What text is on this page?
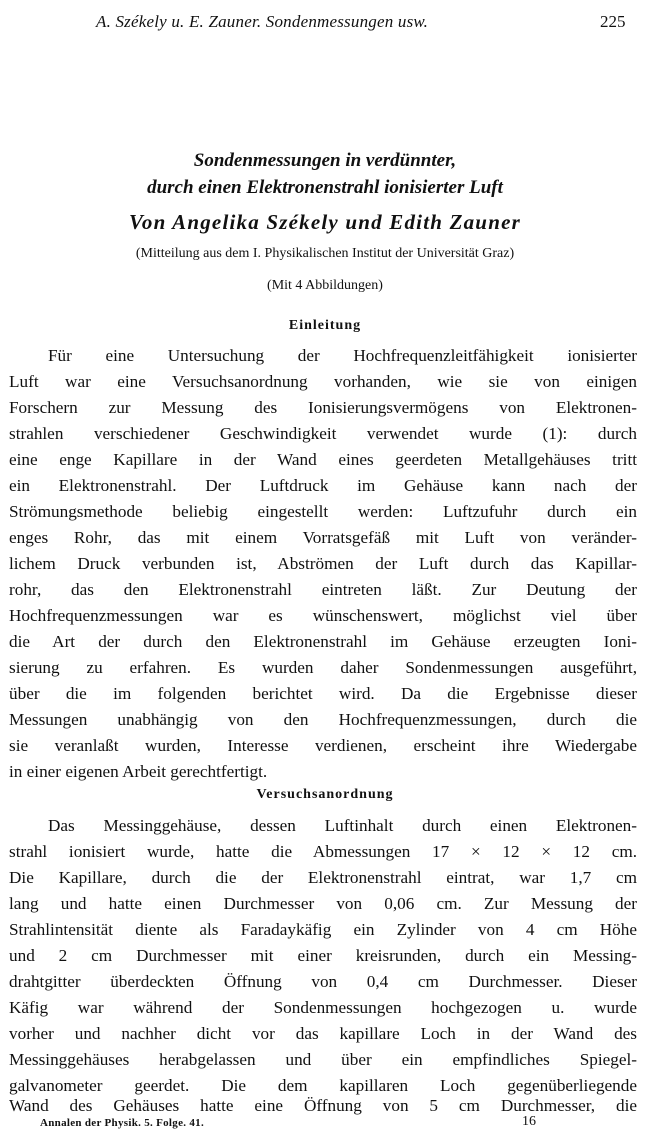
A. Székely u. E. Zauner. Sondenmessungen usw.	225
Sondenmessungen in verdünnter,
durch einen Elektronenstrahl ionisierter Luft
Von Angelika Székely und Edith Zauner
(Mitteilung aus dem I. Physikalischen Institut der Universität Graz)
(Mit 4 Abbildungen)
Einleitung
Für eine Untersuchung der Hochfrequenzleitfähigkeit ionisierter
Luft war eine Versuchsanordnung vorhanden, wie sie von einigen
Forschern zur Messung des Ionisierungsvermögens von Elektronen-
strahlen verschiedener Geschwindigkeit verwendet wurde (1): durch
eine enge Kapillare in der Wand eines geerdeten Metallgehäuses tritt
ein Elektronenstrahl. Der Luftdruck im Gehäuse kann nach der
Strömungsmethode beliebig eingestellt werden: Luftzufuhr durch ein
enges Rohr, das mit einem Vorratsgefäß mit Luft von veränder-
lichem Druck verbunden ist, Abströmen der Luft durch das Kapillar-
rohr, das den Elektronenstrahl eintreten läßt. Zur Deutung der
Hochfrequenzmessungen war es wünschenswert, möglichst viel über
die Art der durch den Elektronenstrahl im Gehäuse erzeugten Ioni-
sierung zu erfahren. Es wurden daher Sondenmessungen ausgeführt,
über die im folgenden berichtet wird. Da die Ergebnisse dieser
Messungen unabhängig von den Hochfrequenzmessungen, durch die
sie veranlaßt wurden, Interesse verdienen, erscheint ihre Wiedergabe
in einer eigenen Arbeit gerechtfertigt.
Versuchsanordnung
Das Messinggehäuse, dessen Luftinhalt durch einen Elektronen-
strahl ionisiert wurde, hatte die Abmessungen 17 × 12 × 12 cm.
Die Kapillare, durch die der Elektronenstrahl eintrat, war 1,7 cm
lang und hatte einen Durchmesser von 0,06 cm. Zur Messung der
Strahlintensität diente als Faradaykäfig ein Zylinder von 4 cm Höhe
und 2 cm Durchmesser mit einer kreisrunden, durch ein Messing-
drahtgitter überdeckten Öffnung von 0,4 cm Durchmesser. Dieser
Käfig war während der Sondenmessungen hochgezogen u. wurde
vorher und nachher dicht vor das kapillare Loch in der Wand des
Messinggehäuses herabgelassen und über ein empfindliches Spiegel-
galvanometer geerdet. Die dem kapillaren Loch gegenüberliegende
Wand des Gehäuses hatte eine Öffnung von 5 cm Durchmesser, die
Annalen der Physik. 5. Folge. 41.	16
